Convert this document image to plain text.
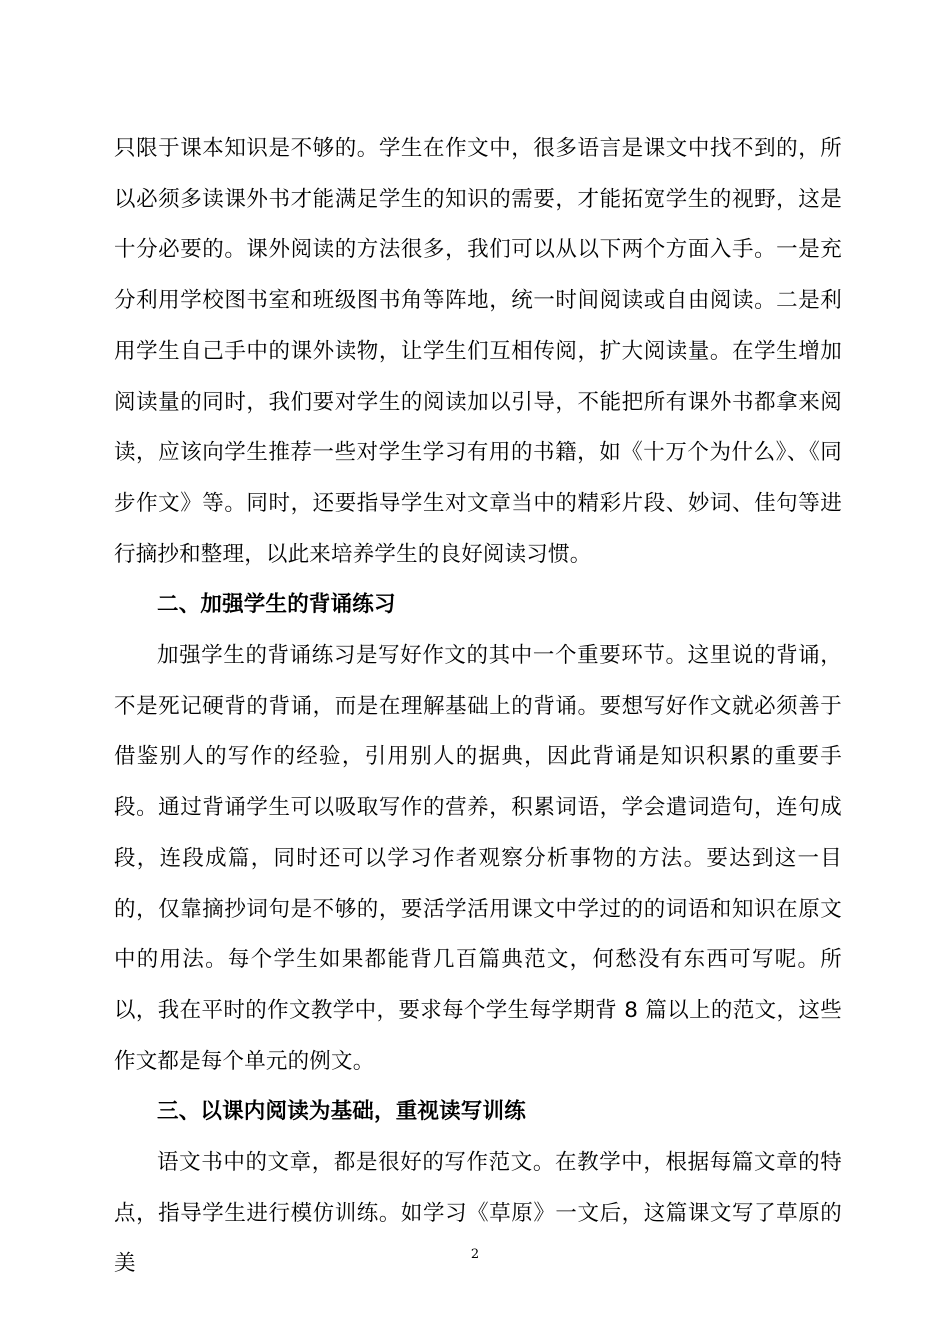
只限于课本知识是不够的。学生在作文中，很多语言是课文中找不到的，所以必须多读课外书才能满足学生的知识的需要，才能拓宽学生的视野，这是十分必要的。课外阅读的方法很多，我们可以从以下两个方面入手。一是充分利用学校图书室和班级图书角等阵地，统一时间阅读或自由阅读。二是利用学生自己手中的课外读物，让学生们互相传阅，扩大阅读量。在学生增加阅读量的同时，我们要对学生的阅读加以引导，不能把所有课外书都拿来阅读，应该向学生推荐一些对学生学习有用的书籍，如《十万个为什么》、《同步作文》等。同时，还要指导学生对文章当中的精彩片段、妙词、佳句等进行摘抄和整理，以此来培养学生的良好阅读习惯。

二、加强学生的背诵练习

加强学生的背诵练习是写好作文的其中一个重要环节。这里说的背诵，不是死记硬背的背诵，而是在理解基础上的背诵。要想写好作文就必须善于借鉴别人的写作的经验，引用别人的据典，因此背诵是知识积累的重要手段。通过背诵学生可以吸取写作的营养，积累词语，学会遣词造句，连句成段，连段成篇，同时还可以学习作者观察分析事物的方法。要达到这一目的，仅靠摘抄词句是不够的，要活学活用课文中学过的的词语和知识在原文中的用法。每个学生如果都能背几百篇典范文，何愁没有东西可写呢。所以，我在平时的作文教学中，要求每个学生每学期背 8 篇以上的范文，这些作文都是每个单元的例文。

三、以课内阅读为基础，重视读写训练

语文书中的文章，都是很好的写作范文。在教学中，根据每篇文章的特点，指导学生进行模仿训练。如学习《草原》一文后，这篇课文写了草原的美	2
